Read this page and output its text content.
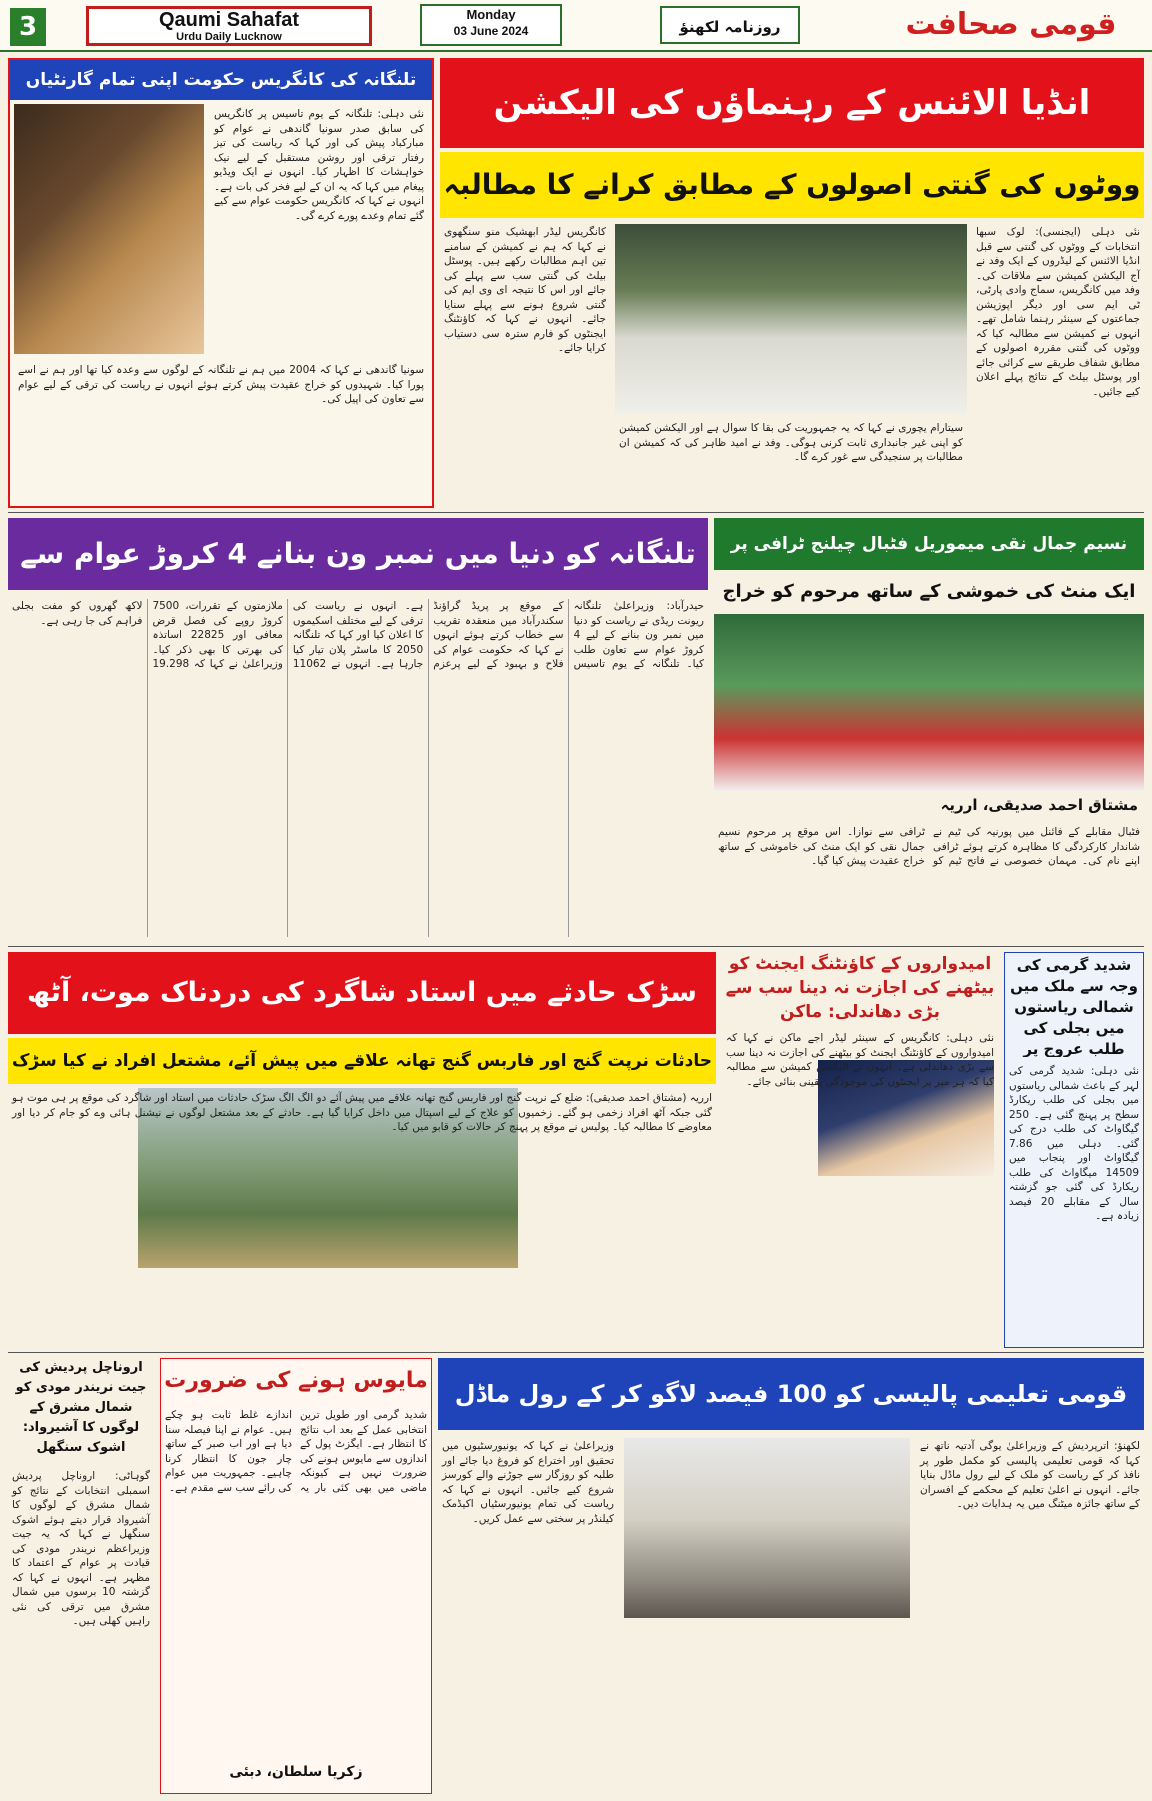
3	Qaumi Sahafat
Urdu Daily Lucknow
Monday
03 June 2024	روزنامہ لکھنؤ	قومی صحافت
تلنگانہ کی کانگریس حکومت اپنی تمام گارنٹیاں
نئی دہلی: تلنگانہ کے یوم تاسیس پر کانگریس کی سابق صدر سونیا گاندھی نے عوام کو مبارکباد پیش کی اور کہا کہ ریاست کی تیز رفتار ترقی اور روشن مستقبل کے لیے نیک خواہشات کا اظہار کیا۔ انہوں نے ایک ویڈیو پیغام میں کہا کہ یہ ان کے لیے فخر کی بات ہے۔ انہوں نے کہا کہ کانگریس حکومت عوام سے کیے گئے تمام وعدے پورے کرے گی۔
سونیا گاندھی نے کہا کہ 2004 میں ہم نے تلنگانہ کے لوگوں سے وعدہ کیا تھا اور ہم نے اسے پورا کیا۔ شہیدوں کو خراج عقیدت پیش کرتے ہوئے انہوں نے ریاست کی ترقی کے لیے عوام سے تعاون کی اپیل کی۔
انڈیا الائنس کے رہنماؤں کی الیکشن
ووٹوں کی گنتی اصولوں کے مطابق کرانے کا مطالبہ
نئی دہلی (ایجنسی): لوک سبھا انتخابات کے ووٹوں کی گنتی سے قبل انڈیا الائنس کے لیڈروں کے ایک وفد نے آج الیکشن کمیشن سے ملاقات کی۔ وفد میں کانگریس، سماج وادی پارٹی، ٹی ایم سی اور دیگر اپوزیشن جماعتوں کے سینئر رہنما شامل تھے۔ انہوں نے کمیشن سے مطالبہ کیا کہ ووٹوں کی گنتی مقررہ اصولوں کے مطابق شفاف طریقے سے کرائی جائے اور پوسٹل بیلٹ کے نتائج پہلے اعلان کیے جائیں۔
کانگریس لیڈر ابھشیک منو سنگھوی نے کہا کہ ہم نے کمیشن کے سامنے تین اہم مطالبات رکھے ہیں۔ پوسٹل بیلٹ کی گنتی سب سے پہلے کی جائے اور اس کا نتیجہ ای وی ایم کی گنتی شروع ہونے سے پہلے سنایا جائے۔ انہوں نے کہا کہ کاؤنٹنگ ایجنٹوں کو فارم سترہ سی دستیاب کرایا جائے۔
سیتارام یچوری نے کہا کہ یہ جمہوریت کی بقا کا سوال ہے اور الیکشن کمیشن کو اپنی غیر جانبداری ثابت کرنی ہوگی۔ وفد نے امید ظاہر کی کہ کمیشن ان مطالبات پر سنجیدگی سے غور کرے گا۔
تلنگانہ کو دنیا میں نمبر ون بنانے 4 کروڑ عوام سے
حیدرآباد: وزیراعلیٰ تلنگانہ ریونت ریڈی نے ریاست کو دنیا میں نمبر ون بنانے کے لیے 4 کروڑ عوام سے تعاون طلب کیا۔ تلنگانہ کے یوم تاسیس کے موقع پر پریڈ گراؤنڈ سکندرآباد میں منعقدہ تقریب سے خطاب کرتے ہوئے انہوں نے کہا کہ حکومت عوام کی فلاح و بہبود کے لیے پرعزم ہے۔ انہوں نے ریاست کی ترقی کے لیے مختلف اسکیموں کا اعلان کیا اور کہا کہ تلنگانہ 2050 کا ماسٹر پلان تیار کیا جارہا ہے۔ انہوں نے 11062 ملازمتوں کے تقررات، 7500 کروڑ روپے کی فصل قرض معافی اور 22825 اساتذہ کی بھرتی کا بھی ذکر کیا۔ وزیراعلیٰ نے کہا کہ 19.298 لاکھ گھروں کو مفت بجلی فراہم کی جا رہی ہے۔
نسیم جمال نقی میموریل فٹبال چیلنج ٹرافی پر
ایک منٹ کی خموشی کے ساتھ مرحوم کو خراج
مشتاق احمد صدیقی، ارریہ
فٹبال مقابلے کے فائنل میں پورنیہ کی ٹیم نے شاندار کارکردگی کا مظاہرہ کرتے ہوئے ٹرافی اپنے نام کی۔ مہمان خصوصی نے فاتح ٹیم کو ٹرافی سے نوازا۔ اس موقع پر مرحوم نسیم جمال نقی کو ایک منٹ کی خاموشی کے ساتھ خراج عقیدت پیش کیا گیا۔
سڑک حادثے میں استاد شاگرد کی دردناک موت، آٹھ
حادثات نرپت گنج اور فاربس گنج تھانہ علاقے میں پیش آئے، مشتعل افراد نے کیا سڑک
ارریہ (مشتاق احمد صدیقی): ضلع کے نرپت گنج اور فاربس گنج تھانہ علاقے میں پیش آئے دو الگ الگ سڑک حادثات میں استاد اور شاگرد کی موقع پر ہی موت ہو گئی جبکہ آٹھ افراد زخمی ہو گئے۔ زخمیوں کو علاج کے لیے اسپتال میں داخل کرایا گیا ہے۔ حادثے کے بعد مشتعل لوگوں نے نیشنل ہائی وے کو جام کر دیا اور معاوضے کا مطالبہ کیا۔ پولیس نے موقع پر پہنچ کر حالات کو قابو میں کیا۔
امیدواروں کے کاؤنٹنگ ایجنٹ کو بیٹھنے کی اجازت نہ دینا سب سے بڑی دھاندلی: ماکن
نئی دہلی: کانگریس کے سینئر لیڈر اجے ماکن نے کہا کہ امیدواروں کے کاؤنٹنگ ایجنٹ کو بیٹھنے کی اجازت نہ دینا سب سے بڑی دھاندلی ہے۔ انہوں نے الیکشن کمیشن سے مطالبہ کیا کہ ہر میز پر ایجنٹوں کی موجودگی یقینی بنائی جائے۔
شدید گرمی کی وجہ سے ملک میں شمالی ریاستوں میں بجلی کی طلب عروج پر
نئی دہلی: شدید گرمی کی لہر کے باعث شمالی ریاستوں میں بجلی کی طلب ریکارڈ سطح پر پہنچ گئی ہے۔ 250 گیگاواٹ کی طلب درج کی گئی۔ دہلی میں 7.86 گیگاواٹ اور پنجاب میں 14509 میگاواٹ کی طلب ریکارڈ کی گئی جو گزشتہ سال کے مقابلے 20 فیصد زیادہ ہے۔
اروناچل پردیش کی جیت نریندر مودی کو شمال مشرق کے لوگوں کا آشیرواد: اشوک سنگھل
گوہاٹی: اروناچل پردیش اسمبلی انتخابات کے نتائج کو شمال مشرق کے لوگوں کا آشیرواد قرار دیتے ہوئے اشوک سنگھل نے کہا کہ یہ جیت وزیراعظم نریندر مودی کی قیادت پر عوام کے اعتماد کا مظہر ہے۔ انہوں نے کہا کہ گزشتہ 10 برسوں میں شمال مشرق میں ترقی کی نئی راہیں کھلی ہیں۔
مایوس ہونے کی ضرورت
شدید گرمی اور طویل ترین انتخابی عمل کے بعد اب نتائج کا انتظار ہے۔ ایگزٹ پول کے اندازوں سے مایوس ہونے کی ضرورت نہیں ہے کیونکہ ماضی میں بھی کئی بار یہ اندازے غلط ثابت ہو چکے ہیں۔ عوام نے اپنا فیصلہ سنا دیا ہے اور اب صبر کے ساتھ چار جون کا انتظار کرنا چاہیے۔ جمہوریت میں عوام کی رائے سب سے مقدم ہے۔
زکریا سلطان، دبئی
قومی تعلیمی پالیسی کو 100 فیصد لاگو کر کے رول ماڈل
لکھنؤ: اترپردیش کے وزیراعلیٰ یوگی آدتیہ ناتھ نے کہا کہ قومی تعلیمی پالیسی کو مکمل طور پر نافذ کر کے ریاست کو ملک کے لیے رول ماڈل بنایا جائے۔ انہوں نے اعلیٰ تعلیم کے محکمے کے افسران کے ساتھ جائزہ میٹنگ میں یہ ہدایات دیں۔
وزیراعلیٰ نے کہا کہ یونیورسٹیوں میں تحقیق اور اختراع کو فروغ دیا جائے اور طلبہ کو روزگار سے جوڑنے والے کورسز شروع کیے جائیں۔ انہوں نے کہا کہ ریاست کی تمام یونیورسٹیاں اکیڈمک کیلنڈر پر سختی سے عمل کریں۔
